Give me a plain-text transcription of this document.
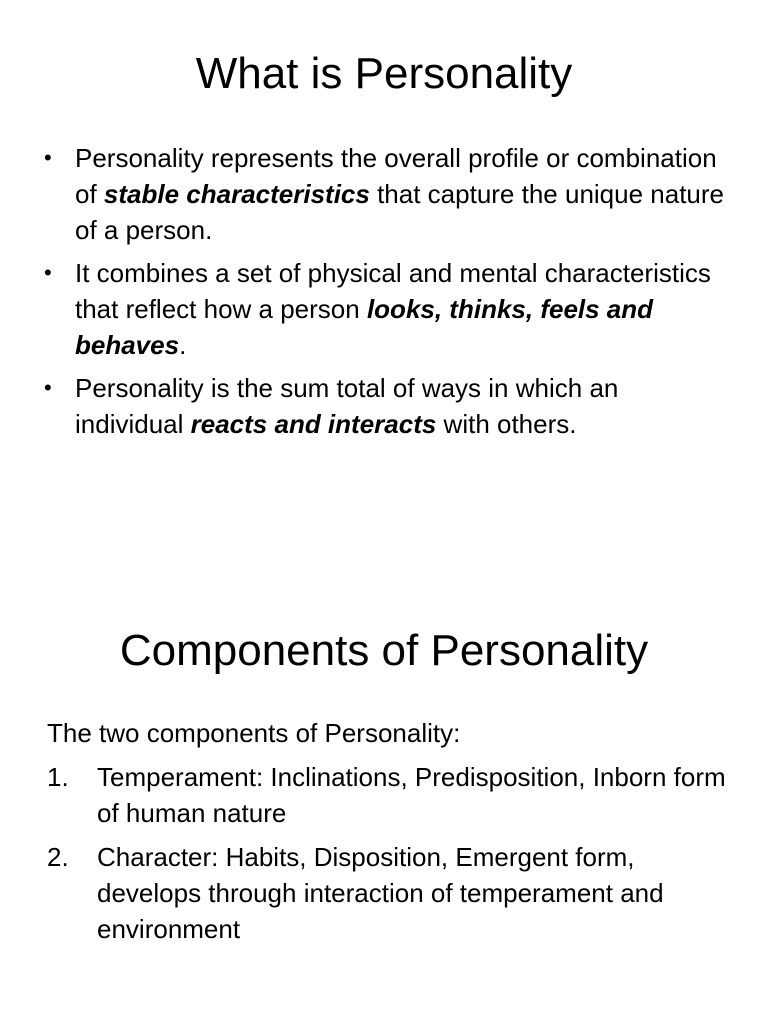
What is Personality
• Personality represents the overall profile or combination of stable characteristics that capture the unique nature of a person.
• It combines a set of physical and mental characteristics that reflect how a person looks, thinks, feels and behaves.
• Personality is the sum total of ways in which an individual reacts and interacts with others.
Components of Personality

The two components of Personality:

1. Temperament: Inclinations, Predisposition, Inborn form of human nature
2. Character: Habits, Disposition, Emergent form, develops through interaction of temperament and environment
